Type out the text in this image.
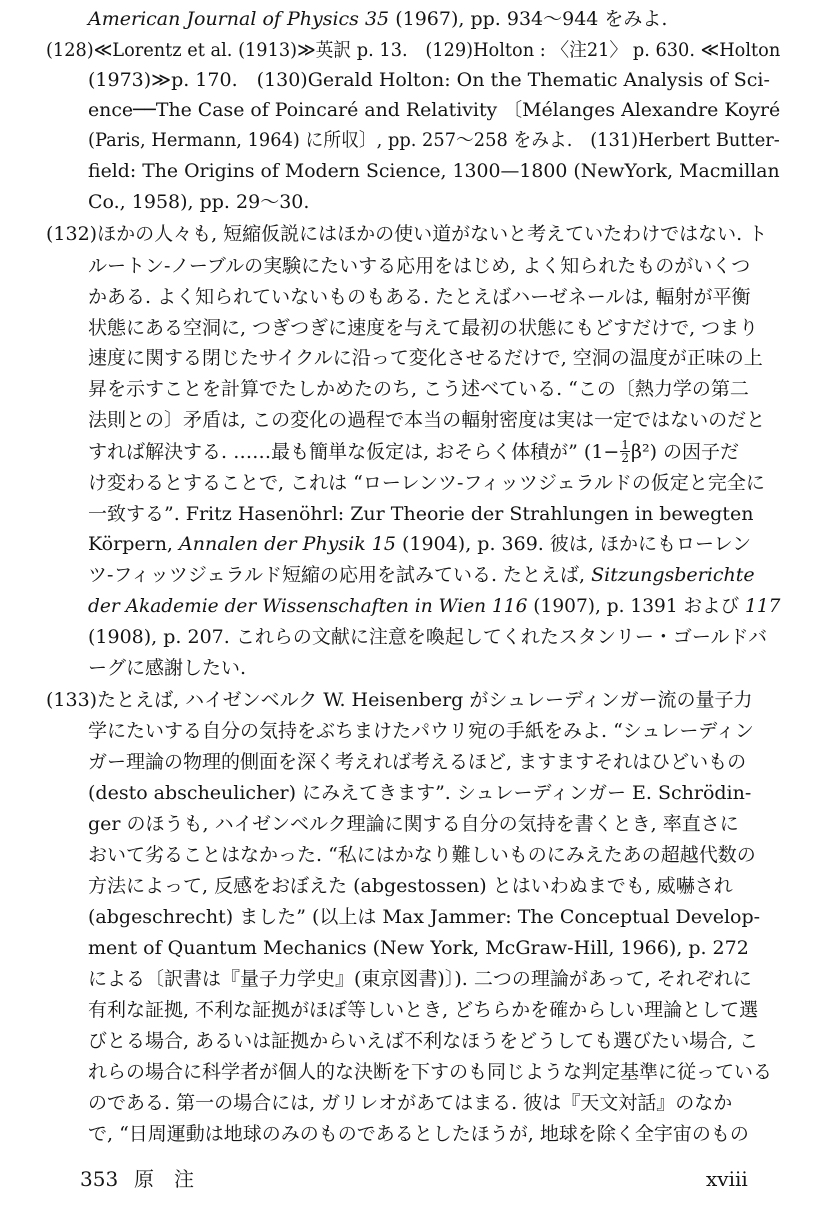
American Journal of Physics 35 (1967), pp. 934～944 をみよ.
(128)≪Lorentz et al. (1913)≫英訳 p. 13.　(129)Holton : 〈注21〉 p. 630. ≪Holton
(1973)≫p. 170.　(130)Gerald Holton: On the Thematic Analysis of Sci-
ence──The Case of Poincaré and Relativity 〔Mélanges Alexandre Koyré
(Paris, Hermann, 1964) に所収〕, pp. 257～258 をみよ.　(131)Herbert Butter-
field: The Origins of Modern Science, 1300—1800 (NewYork, Macmillan
Co., 1958), pp. 29～30.
(132)ほかの人々も, 短縮仮説にはほかの使い道がないと考えていたわけではない. ト
ルートン-ノーブルの実験にたいする応用をはじめ, よく知られたものがいくつ
かある. よく知られていないものもある. たとえばハーゼネールは, 輻射が平衡
状態にある空洞に, つぎつぎに速度を与えて最初の状態にもどすだけで, つまり
速度に関する閉じたサイクルに沿って変化させるだけで, 空洞の温度が正味の上
昇を示すことを計算でたしかめたのち, こう述べている. “この〔熱力学の第二
法則との〕矛盾は, この変化の過程で本当の輻射密度は実は一定ではないのだと
すれば解決する. ……最も簡単な仮定は, おそらく体積が” $(1- \frac{1}{2} \beta^2)$ の因子だ
け変わるとすることで, これは “ローレンツ-フィッツジェラルドの仮定と完全に
一致する”. Fritz Hasenöhrl: Zur Theorie der Strahlungen in bewegten
Körpern, Annalen der Physik 15 (1904), p. 369. 彼は, ほかにもローレン
ツ-フィッツジェラルド短縮の応用を試みている. たとえば, Sitzungsberichte
der Akademie der Wissenschaften in Wien 116 (1907), p. 1391 および 117
(1908), p. 207. これらの文献に注意を喚起してくれたスタンリー・ゴールドバ
ーグに感謝したい.
(133)たとえば, ハイゼンベルク W. Heisenberg がシュレーディンガー流の量子力
学にたいする自分の気持をぶちまけたパウリ宛の手紙をみよ. “シュレーディン
ガー理論の物理的側面を深く考えれば考えるほど, ますますそれはひどいもの
(desto abscheulicher) にみえてきます”. シュレーディンガー E. Schrödin-
ger のほうも, ハイゼンベルク理論に関する自分の気持を書くとき, 率直さに
おいて劣ることはなかった. “私にはかなり難しいものにみえたあの超越代数の
方法によって, 反感をおぼえた (abgestossen) とはいわぬまでも, 威嚇され
(abgeschrecht) ました” (以上は Max Jammer: The Conceptual Develop-
ment of Quantum Mechanics (New York, McGraw-Hill, 1966), p. 272
による〔訳書は『量子力学史』(東京図書)〕). 二つの理論があって, それぞれに
有利な証拠, 不利な証拠がほぼ等しいとき, どちらかを確からしい理論として選
びとる場合, あるいは証拠からいえば不利なほうをどうしても選びたい場合, こ
れらの場合に科学者が個人的な決断を下すのも同じような判定基準に従っている
のである. 第一の場合には, ガリレオがあてはまる. 彼は『天文対話』のなか
で, “日周運動は地球のみのものであるとしたほうが, 地球を除く全宇宙のもの
353 原　注	xviii
